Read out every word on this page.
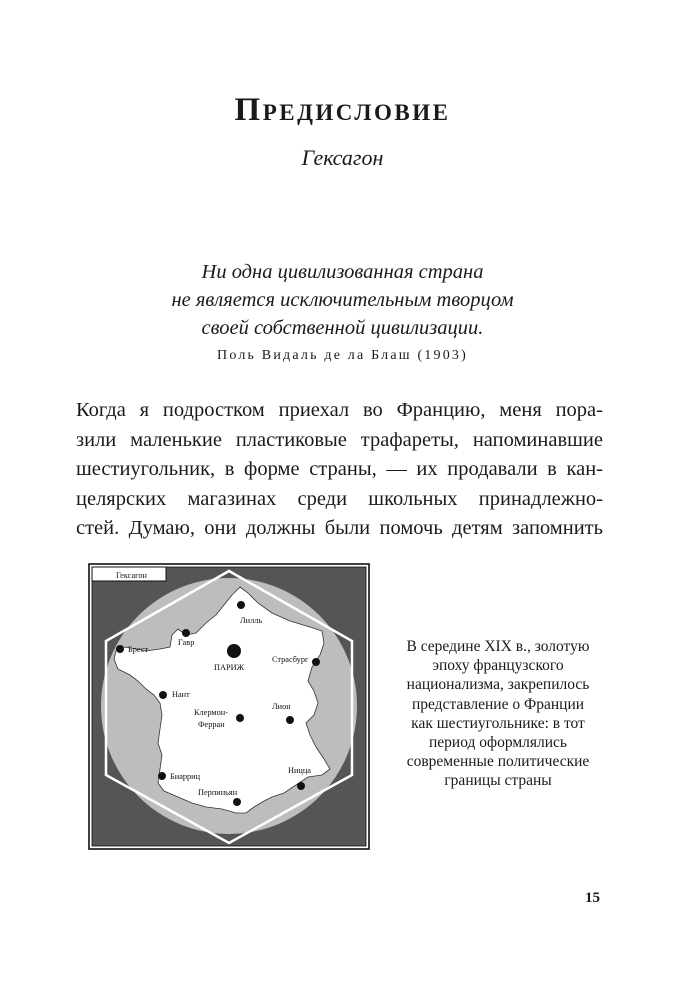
Предисловие
Гексагон
Ни одна цивилизованная страна
не является исключительным творцом
своей собственной цивилизации.
Поль Видаль де ла Блаш (1903)
Когда я подростком приехал во Францию, меня пора-
зили маленькие пластиковые трафареты, напоминавшие
шестиугольник, в форме страны, — их продавали в кан-
целярских магазинах среди школьных принадлежно-
стей. Думаю, они должны были помочь детям запомнить
Гексагон
Лилль
Гавр
Брест
ПАРИЖ
Страсбург
Нант
Клермон-
Ферран
Лион
Биарриц
Ницца
Перпиньян
В середине XIX в., золотую
эпоху французского
национализма, закрепилось
представление о Франции
как шестиугольнике: в тот
период оформлялись
современные политические
границы страны
15
